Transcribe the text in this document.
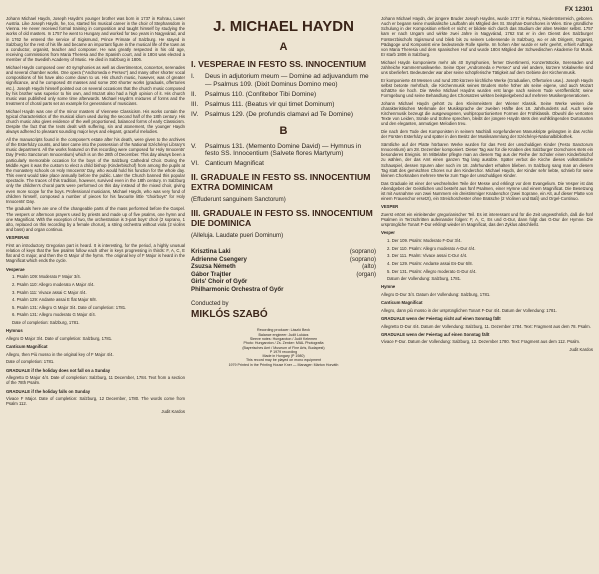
FX 12301

Johann Michael Haydn, Joseph Haydn's younger brother was born in 1737 in Rohrau, Lower Austria. Like Joseph Haydn, he, too, started his musical career in the choir of Stephansdom in Vienna. He never received formal training in composition and taught himself by studying the works of old masters. In 1757 he went to Hungary and worked for two years in Nagyvárad, and in 1762 he entered the service of Sigismund, Prince Primate of Salzburg. He stayed in Salzburg for the rest of his life and became an important figure in the musical life of the town as a conductor, organist, teacher and composer. He was greatly respected in his old age, receiving commissions from Maria Theresa and the Spanish court, and in 1804 was elected a member of the Swedish Academy of Music. He died in Salzburg in 1806.

Michael Haydn composed over 40 symphonies as well as divertimentos, concertos, serenades and several chamber works. One opera ("Andromeda e Perseo") and many other shorter vocal compositions of his have also come down to us. His church music, however, was of greater significance, and he composed 48 masses and some 200 shorter works (graduals, offertories etc.). Joseph Haydn himself pointed out on several occasions that the church music composed by his brother was superior to his own, and Mozart also had a high opinion of it. His church music was published only some time afterwards. Michael Haydn's mixtures of forms and the treatment of choral parts set an example for generations of musicians.

Michael Haydn was one of the minor masters of Viennese Classicism. His works contain the typical characteristics of the musical idiom used during the second half of the 18th century. His church music also gives evidence of the well proportioned, balanced forms of early Classicism. Despite the fact that the texts dealt with suffering, sin and atonement, the younger Haydn always adhered to pleasant sounding major keys and elegant, graceful melodies.

All the manuscripts found in the composer's estate after his death, were given to the archives of the Esterházy counts, and later came into the possession of the National Széchényi Library's music department. All the works featured on this recording were composed for Holy Innocents' Day (Festo Sanctorum Innocentium) which is on the 28th of December. This day always been a particularly memorable occasion for the boys of the Salzburg Cathedral Choir. During the Middle Ages it was the custom to elect a child bishop (Kinderbischof) from among the pupils at the monastery schools on Holy Innocents' Day, who would hold his function for the whole day. This event would take place annually before the public. Later the Church banned this popular spectacle. The traces of this tradition, however, survived even in the 18th century. In Salzburg only the children's choral parts were performed on this day instead of the mixed choir, giving even more scope for the boys. Professional musicians, Michael Haydn, who was very fond of children himself, composed a number of pieces for his favourite little "choirboys" for Holy Innocents' Day.

The graduals here are one of the changeable parts of the mass performed before the Gospel. The vespers or afternoon prayers used by priests and made up of five psalms, one hymn and one Magnificat. With the exception of two, the orchestration is 3-part boys' choir (2 soprano, 1 alto, replaced on this recording by a female chorus), a string orchestra without viola (2 violins and bass) and organ continuo.

VESPERAE

First an introductory Gregorian part is heard. It is interesting, for the period, a highly unusual relation of keys that the five psalms follow each other in keys progressing in thirds: F, A, C, E flat and G major, and then the G Major of the hymn. The original key of F Major is heard in the Magnificat which ends the cycle.

Vesperae

1. Psalm 109: Moderato F Major 3/4.

2. Psalm 110: Allegro moderato A Major 4/4.

3. Psalm 111: Vivace assai C Major 4/4.

4. Psalm 129: Andante assai E flat Major 6/8.

5. Psalm 131: Allegro G Major 3/4. Date of completion: 1781.

6. Psalm 131: Allegro moderato G Major 4/4.

Date of completion: Salzburg, 1781.

Hymnus

Allegro D Major 3/4. Date of completion: Salzburg, 1781.

Canticum Magnificat

Allegro, then Più mosso in the original key of F Major 4/4.

Date of completion: 1781.

GRADUALE if the holiday does not fall on a Sunday

Allegretto D Major 4/4. Date of completion: Salzburg, 11 December, 1784. Text from a section of the 78th Psalm.

GRADUALE if the holiday falls on Sunday

Vivace F Major. Date of completion: Salzburg, 12 December, 1780. The words come from Psalm 112.

Judit Kardos

J. MICHAEL HAYDN
A
I. VESPERAE IN FESTO SS. INNOCENTIUM
I.	Deus in adjutorium meum — Domine ad adjuvandum me — Psalmus 109. (Dixit Dominus Domino meo)
II.	Psalmus 110. (Confitebor Tibi Domine)
III.	Psalmus 111. (Beatus vir qui timet Dominum)
IV.	Psalmus 129. (De profundis clamavi ad Te Domine)
B
V.	Psalmus 131. (Memento Domine David) — Hymnus in festo SS. Innocentium (Salvete flores Martyrum)
VI. Canticum Magnificat
II. GRADUALE IN FESTO SS. INNOCENTIUM EXTRA DOMINICAM
(Effuderunt sanguinem Sanctorum)
III. GRADUALE IN FESTO SS. INNOCENTIUM DIE DOMINICA
(Alleluja. Laudate pueri Dominum)
Krisztina Laki	(soprano)
Adrienne Csengery	(soprano)
Zsuzsa Németh	(alto)
Gábor Trajtler	(organ)
Girls' Choir of Győr
Philharmonic Orchestra of Győr
Conducted by
MIKLÓS SZABÓ
Recording producer: László Beck
Balance engineer: Judit Lukács
Sleeve notes: Hungaroton / Judit Kelemen
Photo: Hungaroton / Zs. Zenker: MIAL Photografia
(Bayerisches Amt / Museum of Fine Arts, Budapest)
P 1979 recording
Made in Hungary (P 1980)
This record may be played on mono equipment
1979 Printed in the Printing House Kner — Manager: Márton Horváth

Johann Michael Haydn, der jüngere Bruder Joseph Haydns, wurde 1737 in Rohrau, Niederösterreich, geboren. Auch er begann seine musikalische Laufbahn als Mitglied des St. Stephan-Domchores in Wien. Eine gründliche Schulung in der Komposition erhielt er nicht; er bildete sich durch das Studium der alten Meister selbst. 1757 kam er nach Ungarn und wirkte zwei Jahre in Nagyvárad, 1762 trat er in den Dienst des Salzburger Fürsterzbischofs Sigismund und blieb bis zu seinem Lebensende in Salzburg, wo er als Dirigent, Organist, Pädagoge und Komponist eine bedeutende Rolle spielte. Im hohen Alter wurde er sehr geehrt, erhielt Aufträge von Maria Theresia und dem spanischen Hof und wurde 1804 Mitglied der Schwedischen Akademie für Musik. Er starb 1806 in Salzburg.

Michael Haydn komponierte mehr als 40 Symphonien, ferner Divertimenti, Konzertstücke, Serenaden und zahlreiche Kammermusikwerke. Seine Oper „Andromeda e Perseo" und viel andere, kürzere Vokalwerke sind uns überliefert. Bedeutender war aber seine schöpferische Tätigkeit auf dem Gebiete der Kirchenmusik.

Er komponierte 48 Messen und rund 200 kürzere kirchliche Werke (Gradualien, Offertorien usw.). Joseph Haydn selbst betonte mehrfach, die Kirchenmusik seines Bruders stehe höher als seine eigene, und auch Mozart schätzte sie hoch. Die Werke Michael Haydns wurden erst lange nach seinem Tode veröffentlicht; seine Formgebung und seine Behandlung des Chorsatzes wirkten beispielgebend auf mehrere Musikergenerationen.

Johann Michael Haydn gehört zu den Kleinmeistern der Wiener Klassik. Seine Werke weisen die charakteristischen Merkmale der Musiksprache der zweiten Hälfte des 18. Jahrhunderts auf. Auch seine Kirchenmusik bezeugt die ausgewogenen, wohlproportionierten Formen der Frühklassik. Obwohl die vertonten Texte von Leiden, Sünde und Sühne sprechen, bleibt der jüngere Haydn stets den wohlklingenden Durtonarten und den eleganten, anmutigen Melodien treu.

Die nach dem Tode des Komponisten in seinem Nachlaß vorgefundenen Manuskripte gelangten in das Archiv der Fürsten Esterházy und später in den Besitz der Musiksammlung der Széchényi-Nationalbibliothek.

Sämtliche auf der Platte hörbaren Werke wurden für das Fest der unschuldigen Kinder (Festo Sanctorum Innocentium) am 28. Dezember komponiert. Dieser Tag war für die Knaben des Salzburger Domchores stets ein besonderes Ereignis. Im Mittelalter pflegte man an diesem Tag aus der Reihe der Schüler einen Kinderbischof zu wählen, der das Amt einen ganzen Tag lang ausübte. Später verbot die Kirche dieses volkstümliche Schauspiel, dessen Spuren aber noch im 18. Jahrhundert erhalten blieben. In Salzburg sang man an diesem Tag statt des gemischten Chores nur den Kinderchor. Michael Haydn, der Kinder sehr liebte, schrieb für seine kleinen Chorknaben mehrere Werke zum Tage der unschuldigen Kinder.

Das Graduale ist einer der wechselnden Teile der Messe und erklingt vor dem Evangelium. Die Vesper ist das Abendgebet der Geistlichen und besteht aus fünf Psalmen, einer Hymne und einem Magnificat. Die Besetzung ist mit Ausnahme von zwei Nummern ein dreistimmiger Knabenchor (zwei Soprane, ein Alt, auf dieser Platte von einem Frauenchor ersetzt), ein Streichorchester ohne Bratsche (2 Violinen und Baß) und Orgel-Continuo.

VESPER

Zuerst ertönt ein einleitender gregorianischer Teil. Es ist interessant und für die Zeit ungewöhnlich, daß die fünf Psalmen in Terzschritten aufeinander folgen: F, A, C, Es und G-Dur, dann folgt das G-Dur der Hymne. Die ursprüngliche Tonart F-Dur erklingt wieder im Magnificat, das den Zyklus abschließt.

Vesper

1. Der 109. Psalm: Moderato F-Dur 3/4.

2. Der 110. Psalm: Allegro moderato A-Dur 4/4.

3. Der 111. Psalm: Vivace assai C-Dur 4/4.

4. Der 129. Psalm: Andante assai Es-Dur 6/8.

5. Der 131. Psalm: Allegro moderato G-Dur 4/4.

Datum der Vollendung: Salzburg, 1781.

Hymne

Allegro D-Dur 3/4. Datum der Vollendung: Salzburg, 1781.

Canticum Magnificat

Allegro, dann più mosso in der ursprünglichen Tonart F-Dur 4/4. Datum der Vollendung: 1781.

GRADUALE wenn der Feiertag nicht auf einen Sonntag fällt

Allegretto D-Dur 4/4. Datum der Vollendung: Salzburg, 11. Dezember 1784. Text: Fragment aus dem 78. Psalm.

GRADUALE wenn der Feiertag auf einen Sonntag fällt

Vivace F-Dur. Datum der Vollendung: Salzburg, 12. Dezember 1780. Text: Fragment aus dem 112. Psalm.

Judit Kardos
